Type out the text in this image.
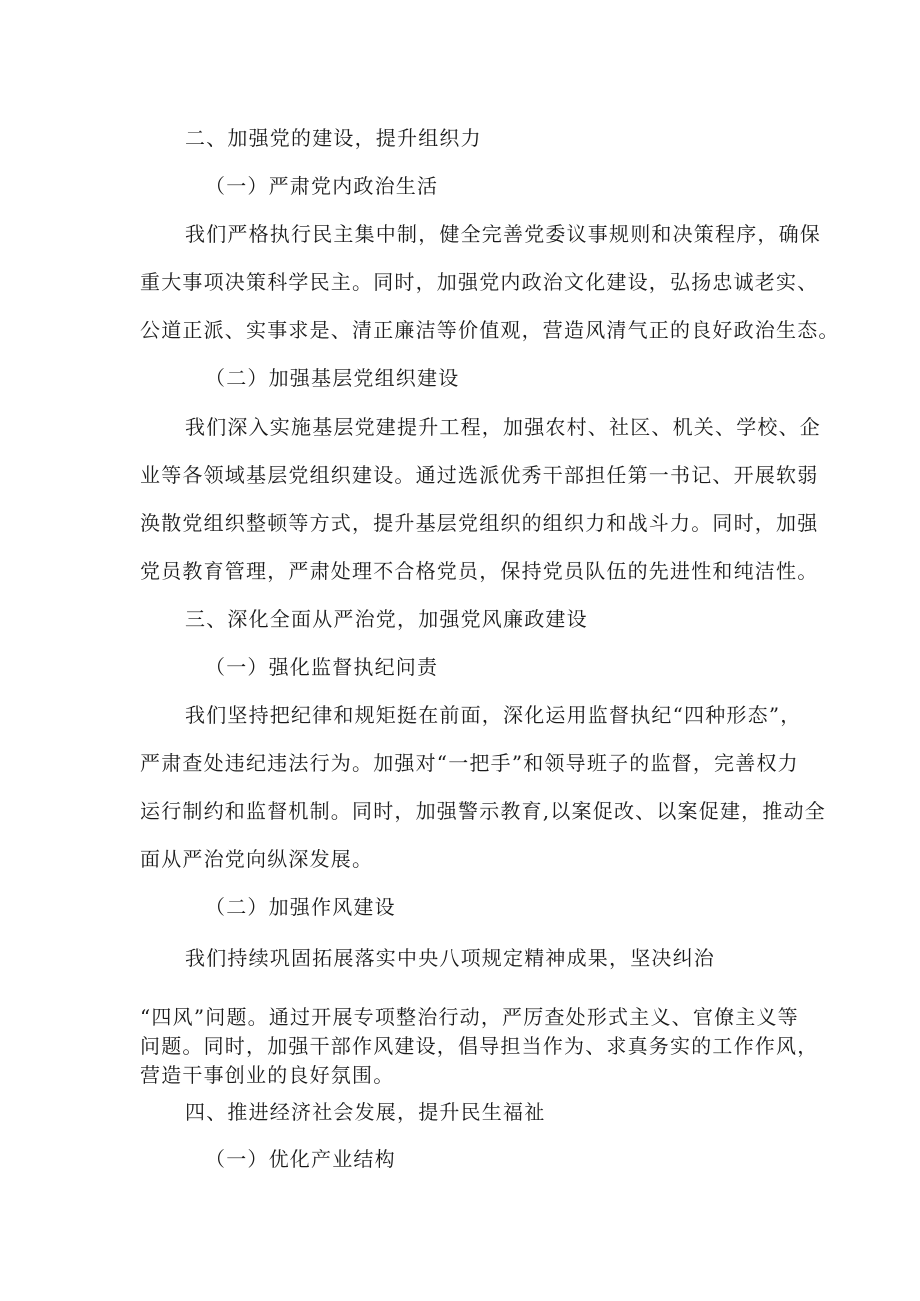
二、加强党的建设，提升组织力

（一）严肃党内政治生活

我们严格执行民主集中制，健全完善党委议事规则和决策程序，确保

重大事项决策科学民主。同时，加强党内政治文化建设，弘扬忠诚老实、

公道正派、实事求是、清正廉洁等价值观，营造风清气正的良好政治生态。

（二）加强基层党组织建设

我们深入实施基层党建提升工程，加强农村、社区、机关、学校、企

业等各领域基层党组织建设。通过选派优秀干部担任第一书记、开展软弱

涣散党组织整顿等方式，提升基层党组织的组织力和战斗力。同时，加强

党员教育管理，严肃处理不合格党员，保持党员队伍的先进性和纯洁性。

三、深化全面从严治党，加强党风廉政建设

（一）强化监督执纪问责

我们坚持把纪律和规矩挺在前面，深化运用监督执纪“四种形态”，

严肃查处违纪违法行为。加强对“一把手”和领导班子的监督，完善权力

运行制约和监督机制。同时，加强警示教育,以案促改、以案促建，推动全

面从严治党向纵深发展。

（二）加强作风建设

我们持续巩固拓展落实中央八项规定精神成果，坚决纠治

“四风”问题。通过开展专项整治行动，严厉查处形式主义、官僚主义等

问题。同时，加强干部作风建设，倡导担当作为、求真务实的工作作风，

营造干事创业的良好氛围。

四、推进经济社会发展，提升民生福祉

（一）优化产业结构
